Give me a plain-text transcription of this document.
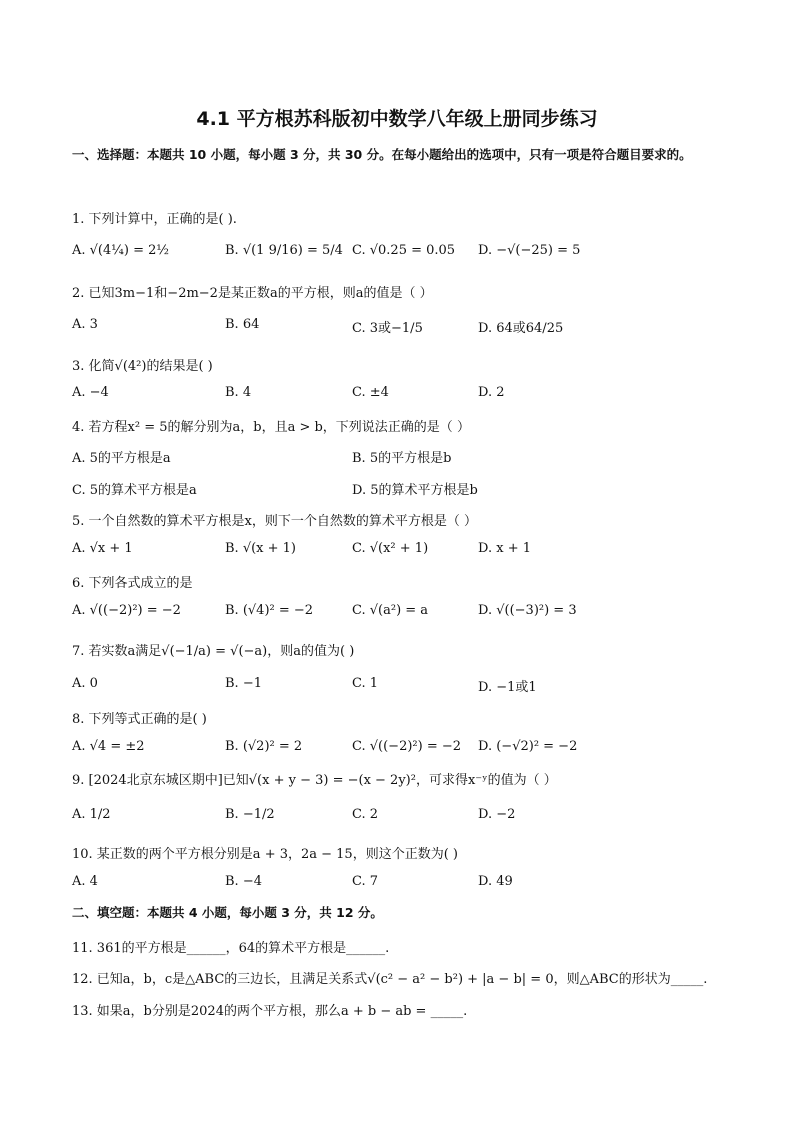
4.1 平方根苏科版初中数学八年级上册同步练习
一、选择题：本题共 10 小题，每小题 3 分，共 30 分。在每小题给出的选项中，只有一项是符合题目要求的。
1. 下列计算中，正确的是( ).
A. √(4¼) = 2½	B. √(1 9/16) = 5/4 C. √0.25 = 0.05 D. −√(−25) = 5
2. 已知3m−1和−2m−2是某正数a的平方根，则a的值是（ ）
A. 3	B. 64	C. 3或−1/5	D. 64或64/25
3. 化简√(4²)的结果是( )
A. −4	B. 4	C. ±4	D. 2
4. 若方程x² = 5的解分别为a，b，且a > b，下列说法正确的是（ ）
A. 5的平方根是a	B. 5的平方根是b
C. 5的算术平方根是a	D. 5的算术平方根是b
5. 一个自然数的算术平方根是x，则下一个自然数的算术平方根是（ ）
A. √x + 1	B. √(x + 1)	C. √(x² + 1)	D. x + 1
6. 下列各式成立的是
A. √((−2)²) = −2	B. (√4)² = −2	C. √(a²) = a	D. √((−3)²) = 3
7. 若实数a满足√(−1/a) = √(−a)，则a的值为( )
A. 0	B. −1	C. 1	D. −1或1
8. 下列等式正确的是( )
A. √4 = ±2	B. (√2)² = 2	C. √((−2)²) = −2 D. (−√2)² = −2
9. [2024北京东城区期中]已知√(x + y − 3) = −(x − 2y)²，可求得x⁻ʸ的值为（ ）
A. 1/2	B. −1/2	C. 2	D. −2
10. 某正数的两个平方根分别是a + 3，2a − 15，则这个正数为( )
A. 4	B. −4	C. 7	D. 49
二、填空题：本题共 4 小题，每小题 3 分，共 12 分。
11. 361的平方根是______，64的算术平方根是______.
12. 已知a，b，c是△ABC的三边长，且满足关系式√(c² − a² − b²) + |a − b| = 0，则△ABC的形状为_____.
13. 如果a，b分别是2024的两个平方根，那么a + b − ab = _____.
